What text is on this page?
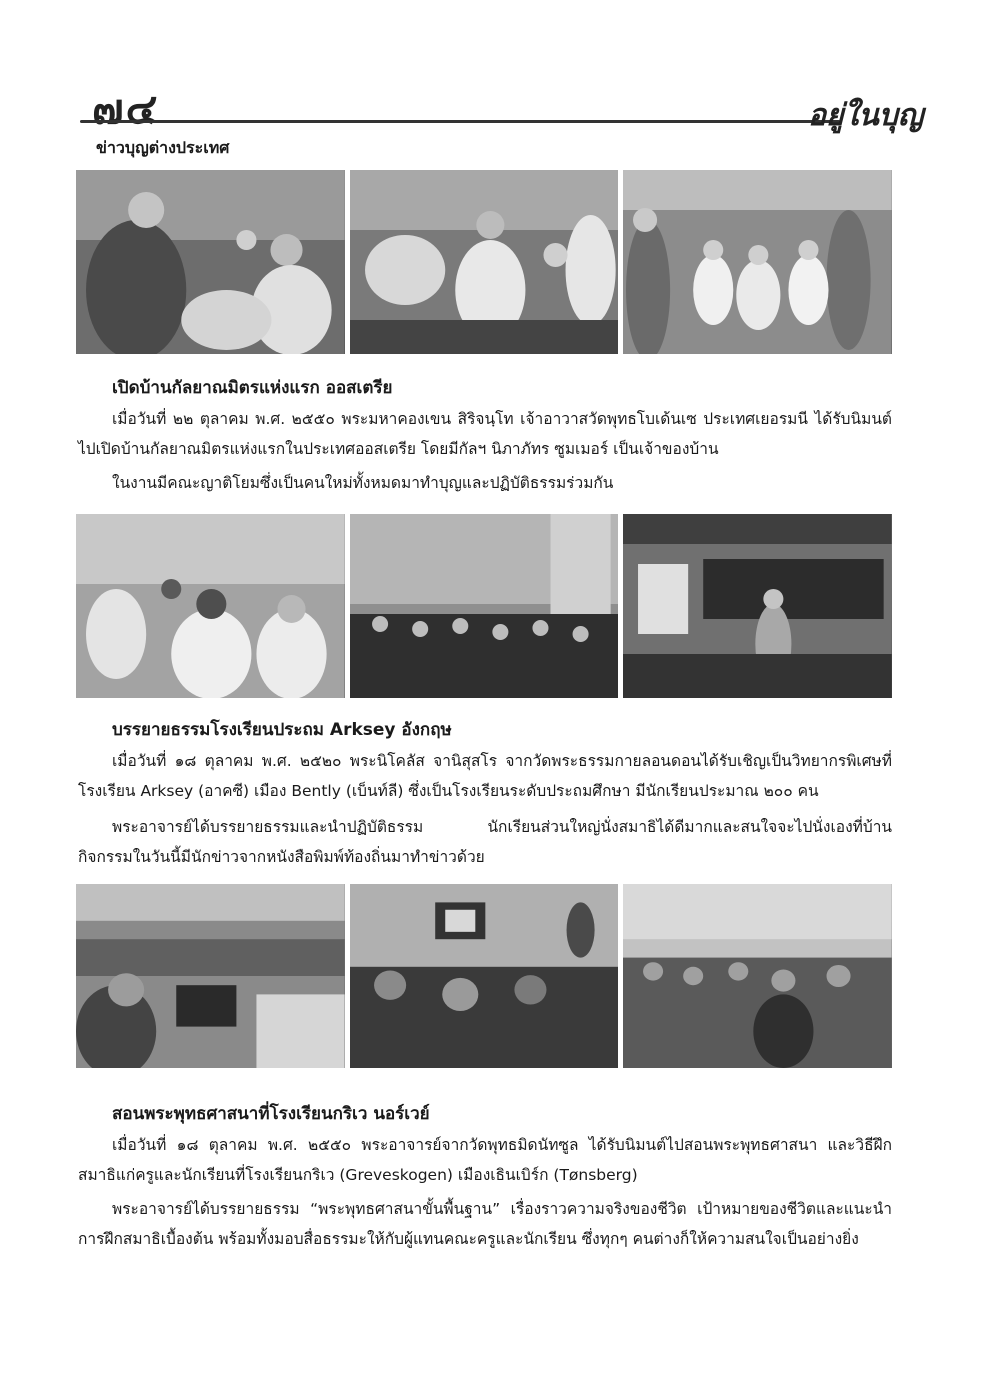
๗๔	อยู่ในบุญ
ข่าวบุญต่างประเทศ
เปิดบ้านกัลยาณมิตรแห่งแรก ออสเตรีย

เมื่อวันที่ ๒๒ ตุลาคม พ.ศ. ๒๕๕๐ พระมหาคองเขน สิริจนฺโท เจ้าอาวาสวัดพุทธโบเด้นเซ ประเทศเยอรมนี ได้รับนิมนต์ไปเปิดบ้านกัลยาณมิตรแห่งแรกในประเทศออสเตรีย โดยมีกัลฯ นิภาภัทร ซูมเมอร์ เป็นเจ้าของบ้าน

ในงานมีคณะญาติโยมซึ่งเป็นคนใหม่ทั้งหมดมาทำบุญและปฏิบัติธรรมร่วมกัน

บรรยายธรรมโรงเรียนประถม Arksey อังกฤษ

เมื่อวันที่ ๑๘ ตุลาคม พ.ศ. ๒๕๒๐ พระนิโคลัส จานิสุสโร จากวัดพระธรรมกายลอนดอนได้รับเชิญเป็นวิทยากรพิเศษที่โรงเรียน Arksey (อาคซี) เมือง Bently (เบ็นท์ลี) ซึ่งเป็นโรงเรียนระดับประถมศึกษา มีนักเรียนประมาณ ๒๐๐ คน

พระอาจารย์ได้บรรยายธรรมและนำปฏิบัติธรรม นักเรียนส่วนใหญ่นั่งสมาธิได้ดีมากและสนใจจะไปนั่งเองที่บ้าน กิจกรรมในวันนี้มีนักข่าวจากหนังสือพิมพ์ท้องถิ่นมาทำข่าวด้วย

สอนพระพุทธศาสนาที่โรงเรียนกริเว นอร์เวย์

เมื่อวันที่ ๑๘ ตุลาคม พ.ศ. ๒๕๕๐ พระอาจารย์จากวัดพุทธมิดนัทซูล ได้รับนิมนต์ไปสอนพระพุทธศาสนา และวิธีฝึกสมาธิแก่ครูและนักเรียนที่โรงเรียนกริเว (Greveskogen) เมืองเธินเบิร์ก (Tønsberg)

พระอาจารย์ได้บรรยายธรรม “พระพุทธศาสนาขั้นพื้นฐาน” เรื่องราวความจริงของชีวิต เป้าหมายของชีวิตและแนะนำการฝึกสมาธิเบื้องต้น พร้อมทั้งมอบสื่อธรรมะให้กับผู้แทนคณะครูและนักเรียน ซึ่งทุกๆ คนต่างก็ให้ความสนใจเป็นอย่างยิ่ง
